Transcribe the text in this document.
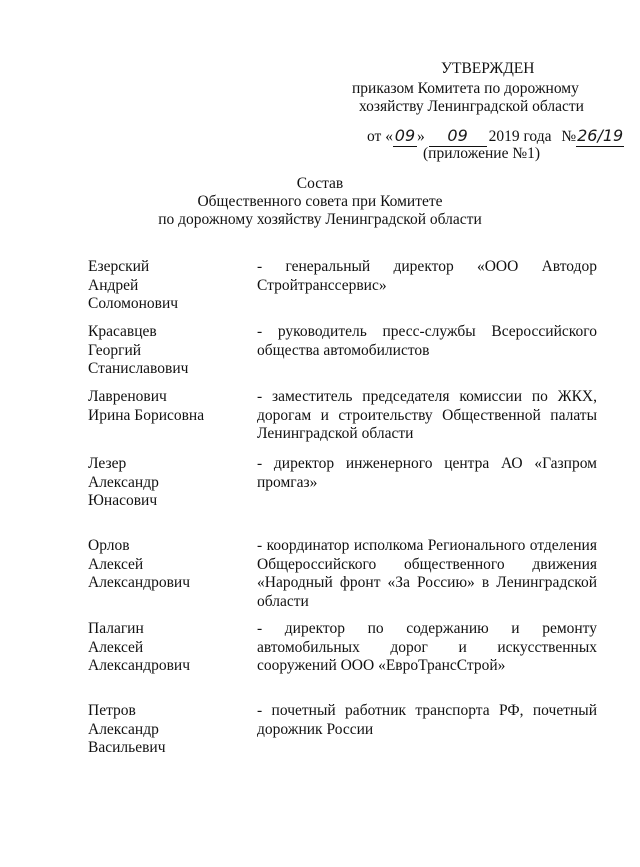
УТВЕРЖДЕН
приказом Комитета по дорожному
хозяйству Ленинградской области
от « 09 » 09 2019 года №26/19
(приложение №1)
Состав
Общественного совета при Комитете
по дорожному хозяйству Ленинградской области
Езерский
Андрей
Соломонович
- генеральный директор «ООО Автодор Стройтранссервис»
Красавцев
Георгий
Станиславович
- руководитель пресс-службы Всероссийского общества автомобилистов
Лавренович
Ирина Борисовна
- заместитель председателя комиссии по ЖКХ, дорогам и строительству Общественной палаты Ленинградской области
Лезер
Александр
Юнасович
- директор инженерного центра АО «Газпром промгаз»
Орлов
Алексей
Александрович
- координатор исполкома Регионального отделения Общероссийского общественного движения «Народный фронт «За Россию» в Ленинградской области
Палагин
Алексей
Александрович
- директор по содержанию и ремонту автомобильных дорог и искусственных сооружений ООО «ЕвроТрансСтрой»
Петров
Александр
Васильевич
- почетный работник транспорта РФ, почетный дорожник России
